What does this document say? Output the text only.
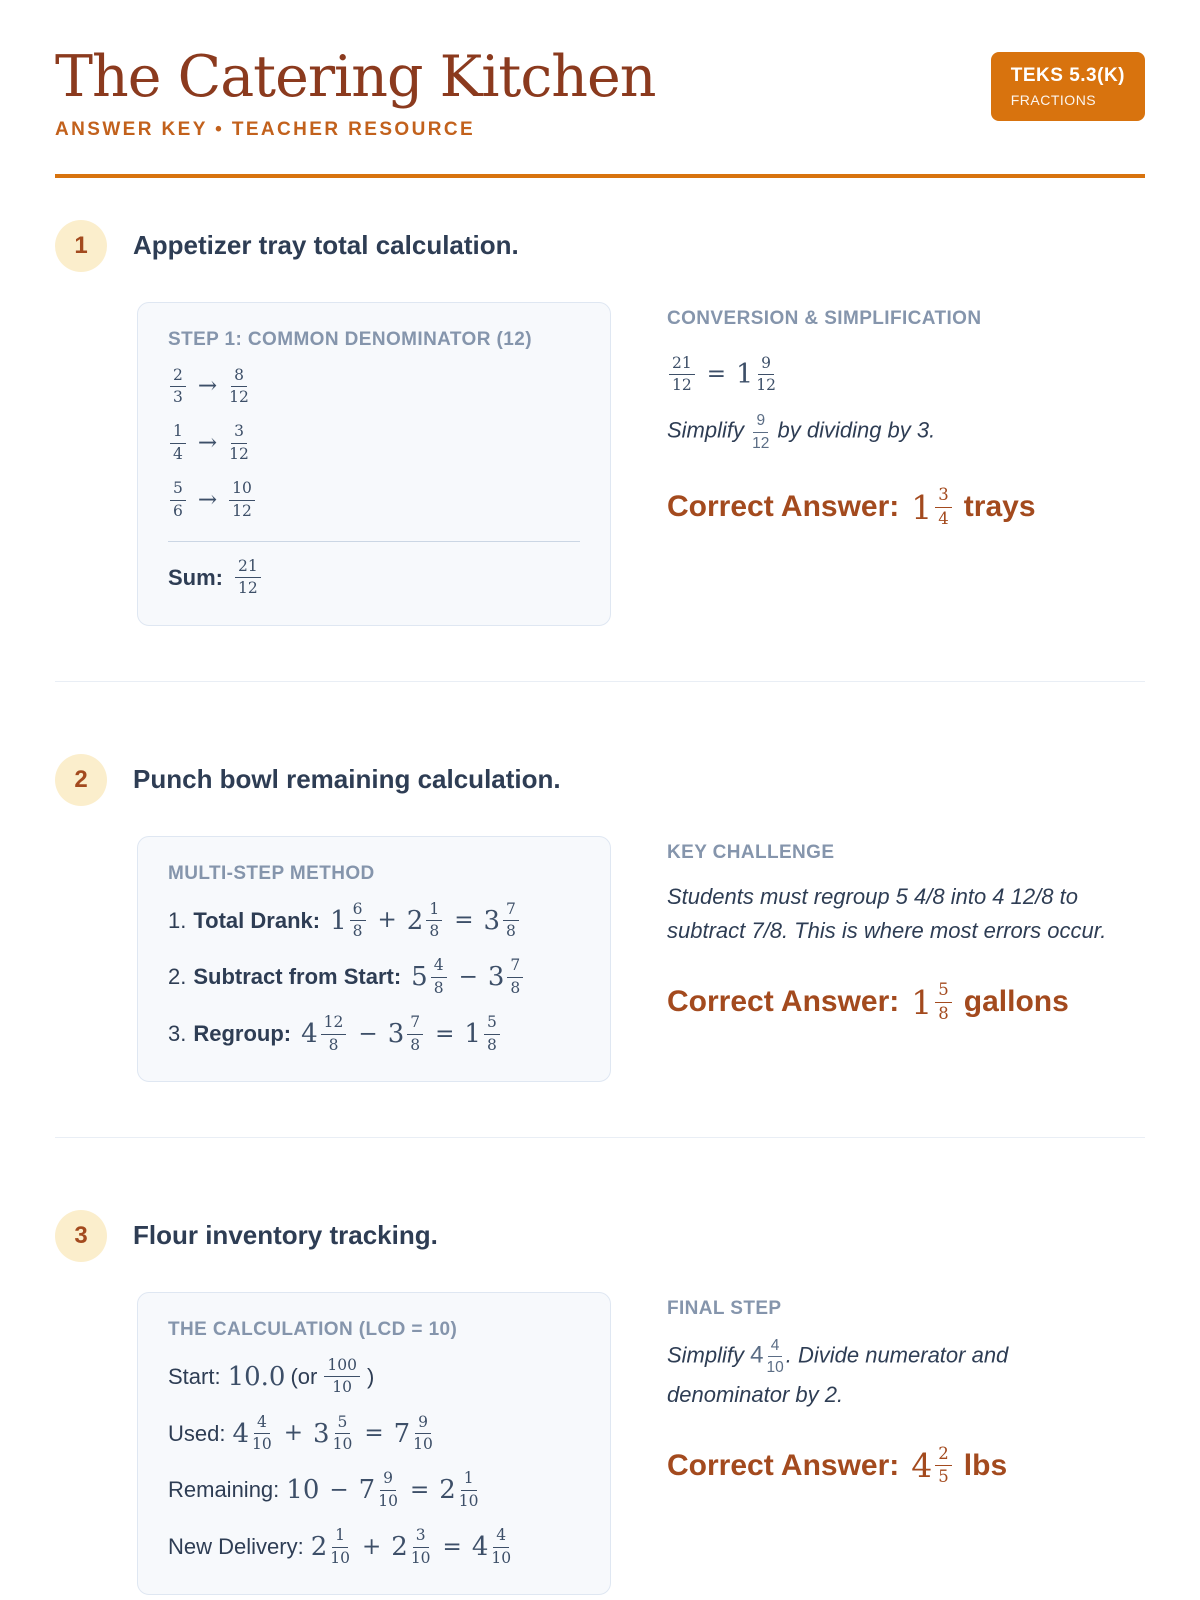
The Catering Kitchen
ANSWER KEY • TEACHER RESOURCE
TEKS 5.3(K)
FRACTIONS
1	Appetizer tray total calculation.
STEP 1: COMMON DENOMINATOR (12)
$\frac{2}{3} \to \frac{8}{12}$
$\frac{1}{4} \to \frac{3}{12}$
$\frac{5}{6} \to \frac{10}{12}$
Sum: $\frac{21}{12}$
CONVERSION & SIMPLIFICATION
$\frac{21}{12} = 1 \frac{9}{12}$
Simplify $\frac{9}{12}$ by dividing by 3.
Correct Answer: $1 \frac{3}{4}$ trays
2	Punch bowl remaining calculation.
MULTI-STEP METHOD
1. Total Drank: $1 \frac{6}{8} + 2 \frac{1}{8} = 3 \frac{7}{8}$
2. Subtract from Start: $5 \frac{4}{8} - 3 \frac{7}{8}$
3. Regroup: $4 \frac{12}{8} - 3 \frac{7}{8} = 1 \frac{5}{8}$
KEY CHALLENGE
Students must regroup 5 4/8 into 4 12/8 to subtract 7/8. This is where most errors occur.
Correct Answer: $1 \frac{5}{8}$ gallons
3	Flour inventory tracking.
THE CALCULATION (LCD = 10)
Start: 10.0 ($or \frac{100}{10}$ )
Used: $4 \frac{4}{10} + 3 \frac{5}{10} = 7 \frac{9}{10}$
Remaining: $10 - 7 \frac{9}{10} = 2 \frac{1}{10}$
New Delivery: $2 \frac{1}{10} + 2 \frac{3}{10} = 4 \frac{4}{10}$
FINAL STEP
Simplify $4 \frac{4}{10}$ . Divide numerator and denominator by 2.
Correct Answer: $4 \frac{2}{5}$ lbs
